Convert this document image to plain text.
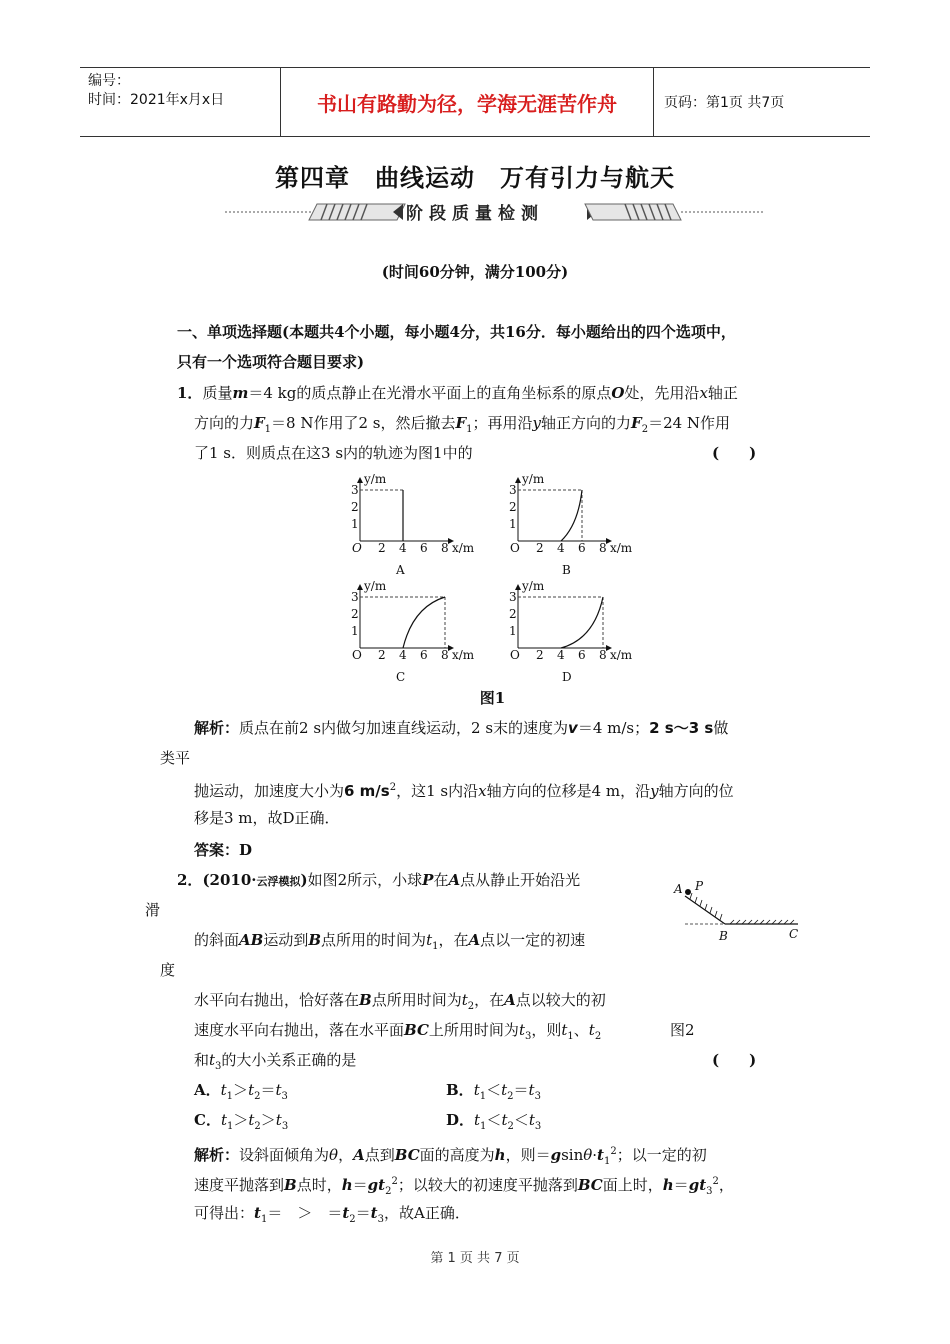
编号：
时间：2021年x月x日	书山有路勤为径，学海无涯苦作舟	页码：第1页 共7页
第四章　曲线运动　万有引力与航天
阶段质量检测
(时间60分钟，满分100分)
一、单项选择题(本题共4个小题，每小题4分，共16分．每小题给出的四个选项中，
只有一个选项符合题目要求)
1．质量m＝4 kg的质点静止在光滑水平面上的直角坐标系的原点O处，先用沿x轴正
方向的力$F_1=8$ N作用了2 s，然后撤去$F_1$；再用沿y轴正方向的力$F_2=24$ N作用
了1 s．则质点在这3 s内的轨迹为图1中的	(　　)
y/m
x/m
O
3
2
1
2 4 6 8
A
y/m
x/m
O
3
2
1
2 4 6 8
B
y/m
x/m
O
3
2
1
2 4 6 8
C
y/m
x/m
O
3
2
1
2 4 6 8
D
图1
解析：质点在前2 s内做匀加速直线运动，2 s末的速度为v＝4 m/s；2 s～3 s做
类平
抛运动，加速度大小为6 $m/s^2$，这1 s内沿x轴方向的位移是4 m，沿y轴方向的位
移是3 m，故D正确．
答案：D
2．(2010·云浮模拟)如图2所示，小球P在A点从静止开始沿光
滑
的斜面AB运动到B点所用的时间为$t_1$，在A点以一定的初速
度
水平向右抛出，恰好落在B点所用时间为$t_2$，在A点以较大的初
速度水平向右抛出，落在水平面BC上所用时间为$t_3$，则$t_1$、$t_2$	图2
和$t_3$的大小关系正确的是	(　　)
A P
B	C
A．$t_1>t_2=t_3$	B．$t_1<t_2=t_3$
C．$t_1>t_2>t_3$	D．$t_1<t_2<t_3$
解析：设斜面倾角为θ，A点到BC面的高度为h，则$=gsin\theta\cdot t_1^2$；以一定的初
速度平抛落到B点时，$h=gt_2^2$；以较大的初速度平抛落到BC面上时，$h=gt_3^2$，
可得出：$t_1=$　＞　$=t_2=t_3$，故A正确．
第 1 页 共 7 页
